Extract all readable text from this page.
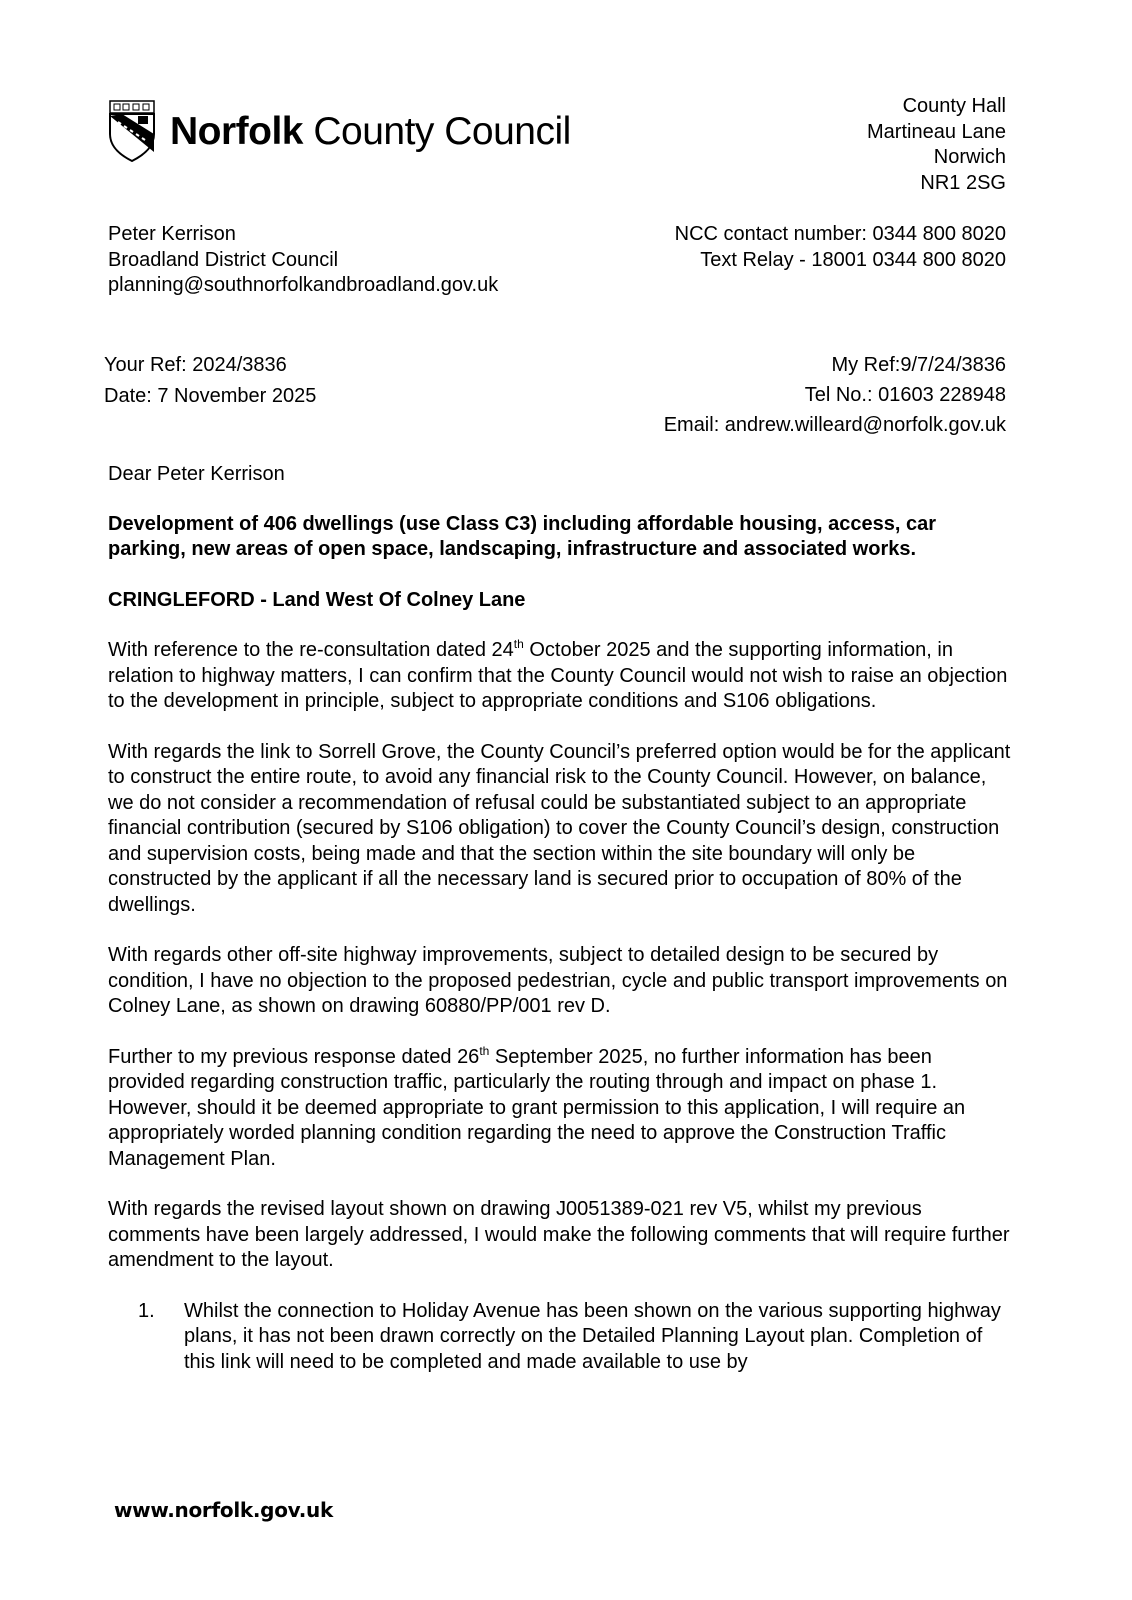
Norfolk County Council
County Hall
Martineau Lane
Norwich
NR1 2SG
Peter Kerrison
Broadland District Council
planning@southnorfolkandbroadland.gov.uk
NCC contact number: 0344 800 8020
Text Relay - 18001 0344 800 8020
Your Ref: 2024/3836
Date: 7 November 2025
My Ref:9/7/24/3836
Tel No.: 01603 228948
Email: andrew.willeard@norfolk.gov.uk

Dear Peter Kerrison

Development of 406 dwellings (use Class C3) including affordable housing, access, car parking, new areas of open space, landscaping, infrastructure and associated works.

CRINGLEFORD - Land West Of Colney Lane

With reference to the re-consultation dated 24th October 2025 and the supporting information, in relation to highway matters, I can confirm that the County Council would not wish to raise an objection to the development in principle, subject to appropriate conditions and S106 obligations.

With regards the link to Sorrell Grove, the County Council’s preferred option would be for the applicant to construct the entire route, to avoid any financial risk to the County Council. However, on balance, we do not consider a recommendation of refusal could be substantiated subject to an appropriate financial contribution (secured by S106 obligation) to cover the County Council’s design, construction and supervision costs, being made and that the section within the site boundary will only be constructed by the applicant if all the necessary land is secured prior to occupation of 80% of the dwellings.

With regards other off-site highway improvements, subject to detailed design to be secured by condition, I have no objection to the proposed pedestrian, cycle and public transport improvements on Colney Lane, as shown on drawing 60880/PP/001 rev D.

Further to my previous response dated 26th September 2025, no further information has been provided regarding construction traffic, particularly the routing through and impact on phase 1. However, should it be deemed appropriate to grant permission to this application, I will require an appropriately worded planning condition regarding the need to approve the Construction Traffic Management Plan.

With regards the revised layout shown on drawing J0051389-021 rev V5, whilst my previous comments have been largely addressed, I would make the following comments that will require further amendment to the layout.

1.	Whilst the connection to Holiday Avenue has been shown on the various supporting highway plans, it has not been drawn correctly on the Detailed Planning Layout plan. Completion of this link will need to be completed and made available to use by
www.norfolk.gov.uk
